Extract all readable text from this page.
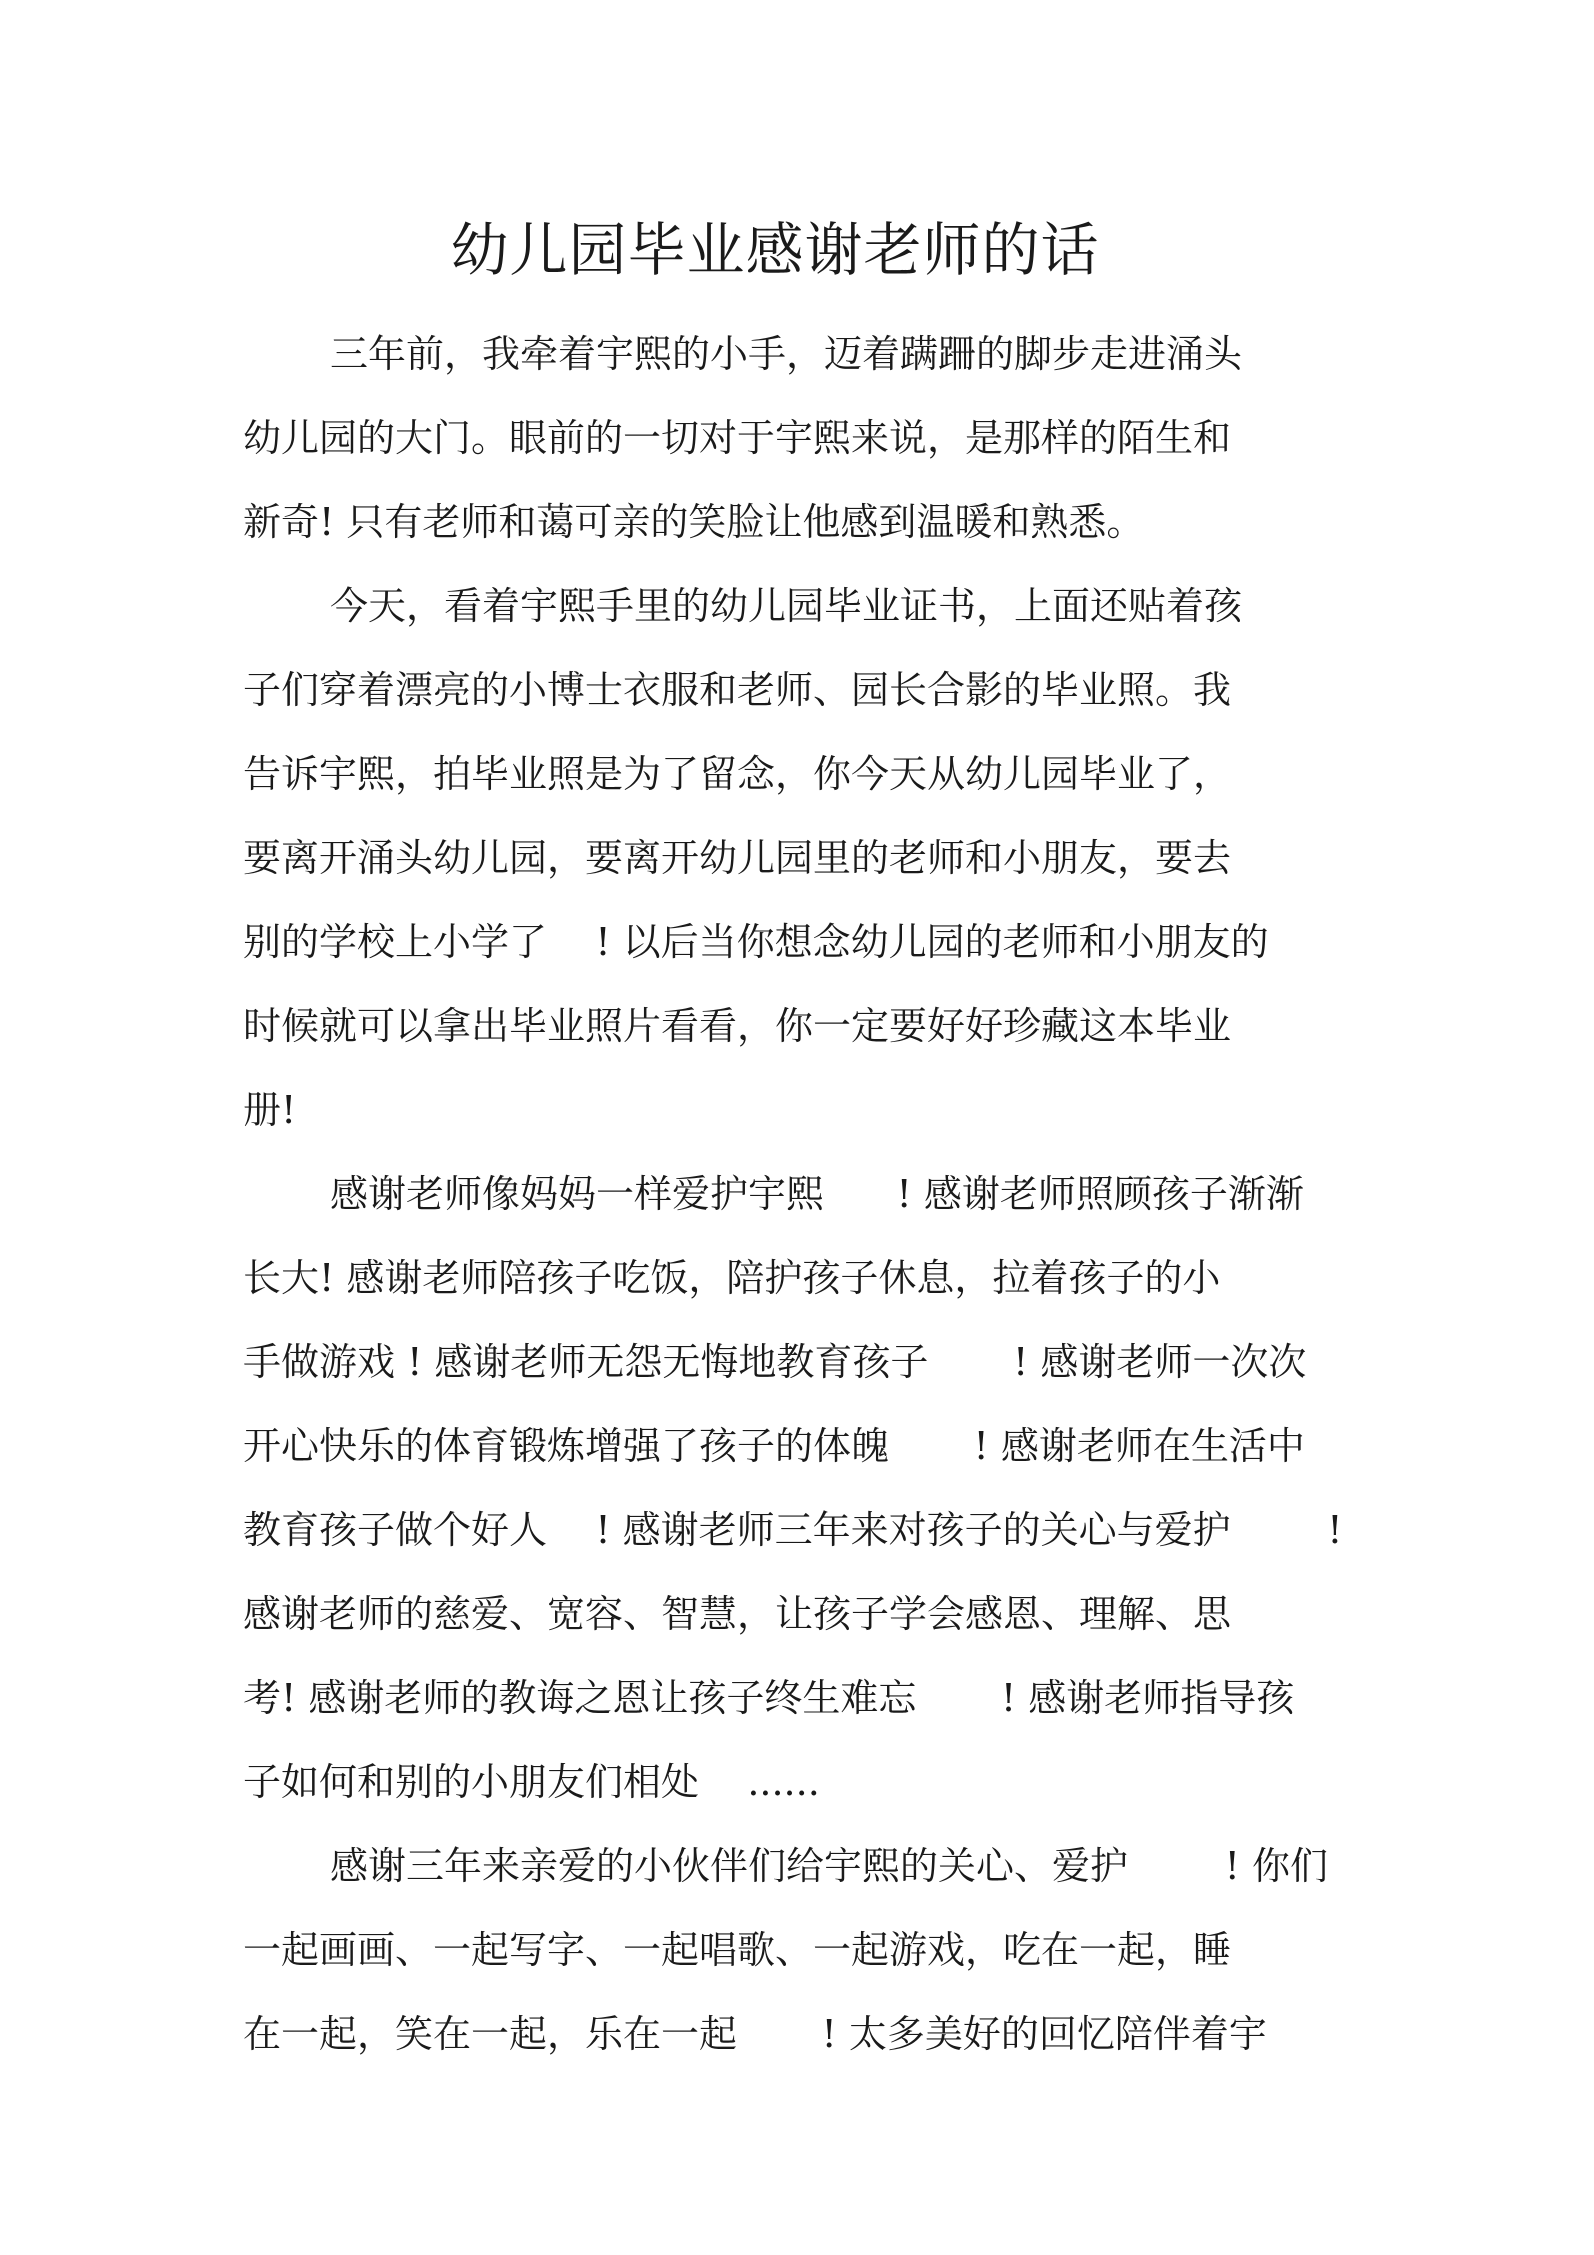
幼儿园毕业感谢老师的话
三年前，我牵着宇熙的小手，迈着蹒跚的脚步走进涌头
幼儿园的大门。眼前的一切对于宇熙来说，是那样的陌生和
新奇! 只有老师和蔼可亲的笑脸让他感到温暖和熟悉。
今天，看着宇熙手里的幼儿园毕业证书，上面还贴着孩
子们穿着漂亮的小博士衣服和老师、园长合影的毕业照。我
告诉宇熙，拍毕业照是为了留念，你今天从幼儿园毕业了，
要离开涌头幼儿园，要离开幼儿园里的老师和小朋友，要去
别的学校上小学了    ! 以后当你想念幼儿园的老师和小朋友的
时候就可以拿出毕业照片看看，你一定要好好珍藏这本毕业
册!
感谢老师像妈妈一样爱护宇熙      ! 感谢老师照顾孩子渐渐
长大! 感谢老师陪孩子吃饭，陪护孩子休息，拉着孩子的小
手做游戏 ! 感谢老师无怨无悔地教育孩子       ! 感谢老师一次次
开心快乐的体育锻炼增强了孩子的体魄       ! 感谢老师在生活中
教育孩子做个好人    ! 感谢老师三年来对孩子的关心与爱护        !
感谢老师的慈爱、宽容、智慧，让孩子学会感恩、理解、思
考! 感谢老师的教诲之恩让孩子终生难忘       ! 感谢老师指导孩
子如何和别的小朋友们相处    ......
感谢三年来亲爱的小伙伴们给宇熙的关心、爱护        ! 你们
一起画画、一起写字、一起唱歌、一起游戏，吃在一起，睡
在一起，笑在一起，乐在一起       ! 太多美好的回忆陪伴着宇
